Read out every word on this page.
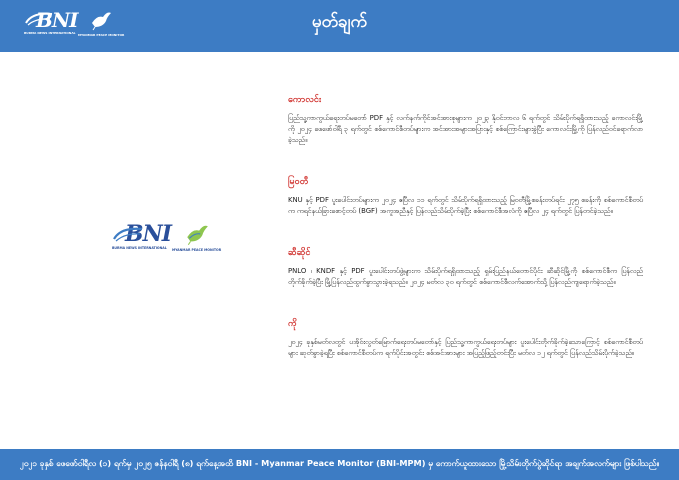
BNI
BURMA NEWS INTERNATIONAL MYANMAR PEACE MONITOR
မှတ်ချက်
BNI
BURMA NEWS INTERNATIONAL	MYANMAR PEACE MONITOR
ကောလင်း

ပြည်သူ့ကာကွယ်ရေးတပ်မတော် PDF နှင့် လက်နက်ကိုင်အင်အားစုများက ၂၀၂၃ နိုဝင်ဘာလ ၆ ရက်တွင် သိမ်းပိုက်ရရှိထားသည့် ကောလင်းမြို့ကို ၂၀၂၄ ဖေဖော်ဝါရီ ၃ ရက်တွင် စစ်ကောင်စီတပ်များက အင်အားအများအပြားနှင့် စစ်ကြောင်းများခွဲပြီး ကောလင်းမြို့ကို ပြန်လည်ဝင်ရောက်လာခဲ့သည်။

မြဝတီ

KNU နှင့် PDF ပူးပေါင်းတပ်များက ၂၀၂၄ ဧပြီလ ၁၁ ရက်တွင် သိမ်းပိုက်ရရှိထားသည့် မြဝတီမြို့စခန်းတပ်ရင်း ၂၇၅ စခန်းကို စစ်ကောင်စီတပ်က ကရင်နယ်ခြားစောင့်တပ် (BGF) အကူအညီနှင့် ပြန်လည်သိမ်းပိုက်ခဲ့ပြီး စစ်ကောင်စီအလံကို ဧပြီလ ၂၄ ရက်တွင် ပြန်တင်ခဲ့သည်။

ဆီဆိုင်

PNLO ၊ KNDF နှင့် PDF ပူးပေါင်းတပ်ဖွဲ့များက သိမ်းပိုက်ရရှိထားသည့် ရှမ်းပြည်နယ်တောင်ပိုင်း ဆီဆိုင်မြို့ကို စစ်ကောင်စီက ပြန်လည်တိုက်ခိုက်ခဲ့ပြီး မြို့ပြန်လည်ထွက်ခွာသွားခဲ့ရသည်။ ၂၀၂၄ မတ်လ ၃၀ ရက်တွင် စစ်ကောင်စီလက်အောက်သို့ ပြန်လည်ကျရောက်ခဲ့သည်။

ကို

၂၀၂၄ ခုနှစ်မတ်လတွင် ပအိုဝ်းလွတ်မြောက်ရေးတပ်မတော်နှင့် ပြည်သူ့ကာကွယ်ရေးတပ်များ ပူးပေါင်းတိုက်ခိုက်ခဲ့သောကြောင့် စစ်ကောင်စီတပ်များ ဆုတ်ခွာခဲ့ရပြီး စစ်ကောင်စီတပ်က ရက်ပိုင်းအတွင်း စစ်အင်အားများ အပြည့်ဖြည့်တင်းပြီး မတ်လ ၁၂ ရက်တွင် ပြန်လည်သိမ်းပိုက်ခဲ့သည်။

၂၀၂၁ ခုနှစ် ဖေဖော်ဝါရီလ (၁) ရက်မှ ၂၀၂၅ ဇန်နဝါရီ (၈) ရက်နေ့အထိ BNI - Myanmar Peace Monitor (BNI-MPM) မှ ကောက်ယူထားသော မြို့သိမ်းတိုက်ပွဲဆိုင်ရာ အချက်အလက်များ ဖြစ်ပါသည်။
